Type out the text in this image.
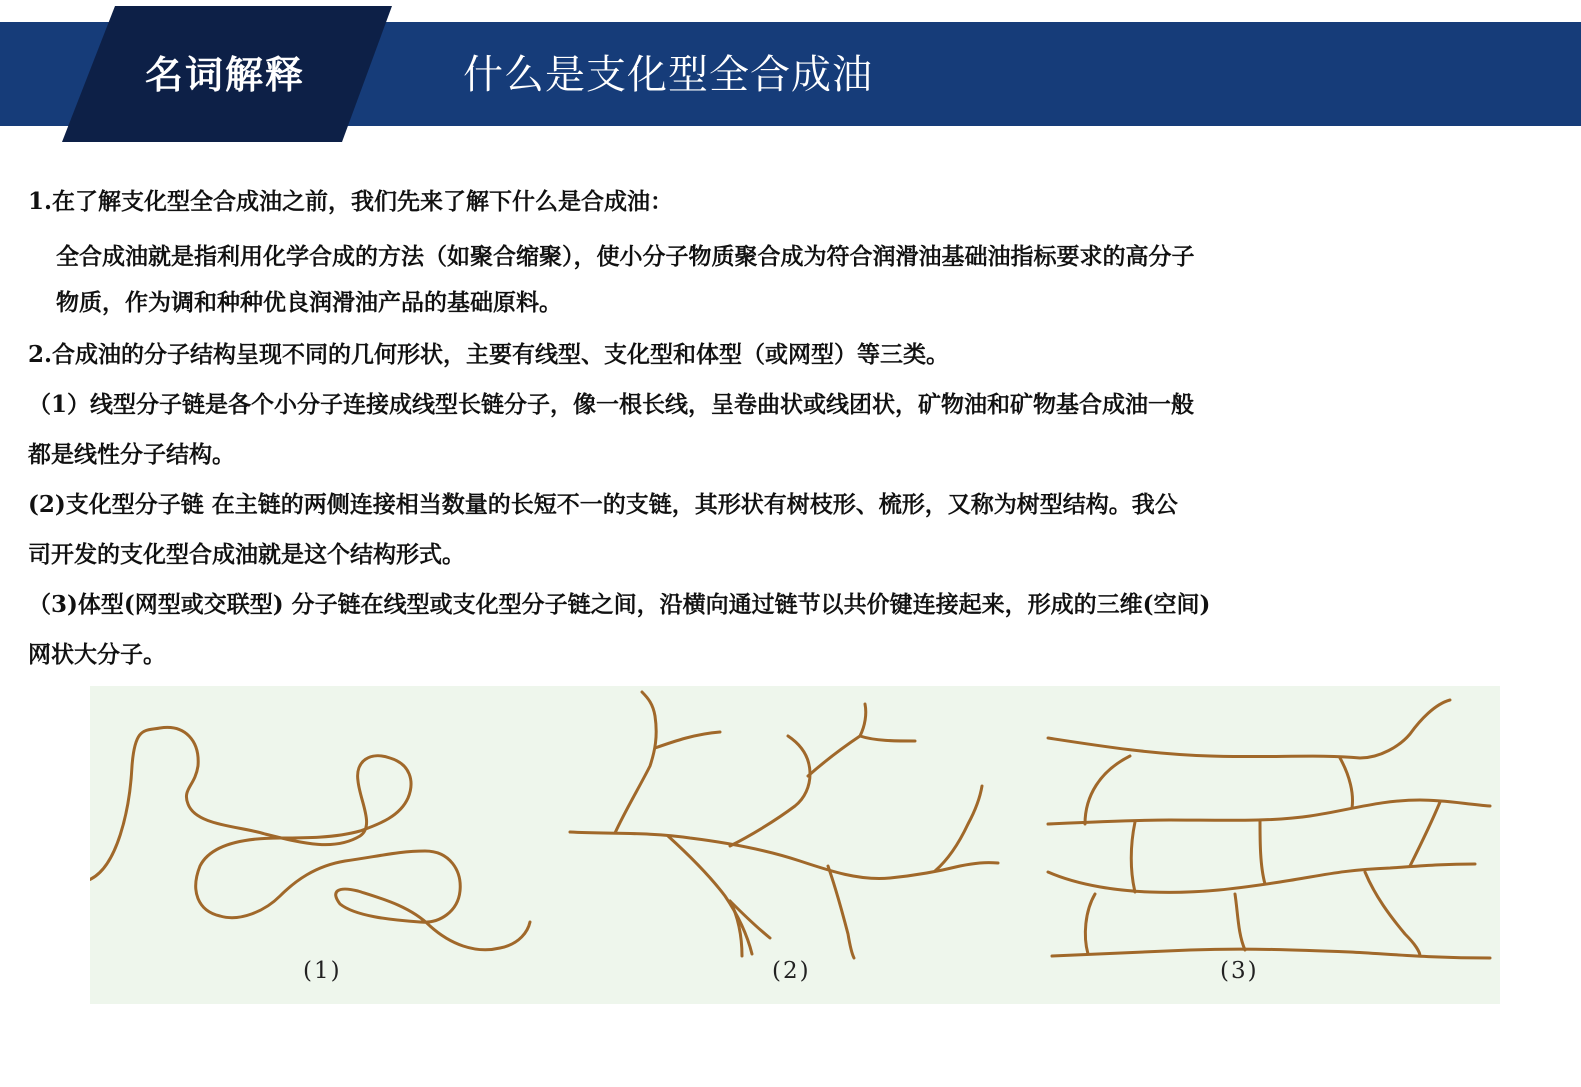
名词解释	什么是支化型全合成油
1.在了解支化型全合成油之前，我们先来了解下什么是合成油：
全合成油就是指利用化学合成的方法（如聚合缩聚），使小分子物质聚合成为符合润滑油基础油指标要求的高分子
物质，作为调和种种优良润滑油产品的基础原料。
2.合成油的分子结构呈现不同的几何形状，主要有线型、支化型和体型（或网型）等三类。
（1）线型分子链是各个小分子连接成线型长链分子，像一根长线，呈卷曲状或线团状，矿物油和矿物基合成油一般
都是线性分子结构。
(2)支化型分子链 在主链的两侧连接相当数量的长短不一的支链，其形状有树枝形、梳形，又称为树型结构。我公
司开发的支化型合成油就是这个结构形式。
（3)体型(网型或交联型) 分子链在线型或支化型分子链之间，沿横向通过链节以共价键连接起来，形成的三维(空间)
网状大分子。
(1)	(2)	(3)
